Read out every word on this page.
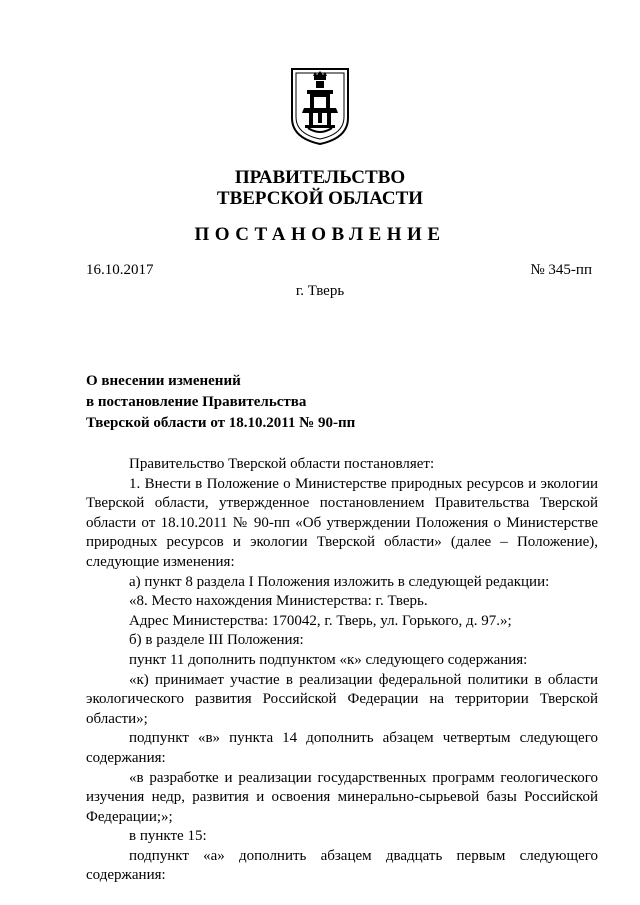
ПРАВИТЕЛЬСТВО
ТВЕРСКОЙ ОБЛАСТИ
ПОСТАНОВЛЕНИЕ
16.10.2017	№ 345-пп
г. Тверь
О внесении изменений
в постановление Правительства
Тверской области от 18.10.2011 № 90-пп

Правительство Тверской области постановляет:

1. Внести в Положение о Министерстве природных ресурсов и экологии Тверской области, утвержденное постановлением Правительства Тверской области от 18.10.2011 № 90-пп «Об утверждении Положения о Министерстве природных ресурсов и экологии Тверской области» (далее – Положение), следующие изменения:

а) пункт 8 раздела I Положения изложить в следующей редакции:

«8. Место нахождения Министерства: г. Тверь.

Адрес Министерства: 170042, г. Тверь, ул. Горького, д. 97.»;

б) в разделе III Положения:

пункт 11 дополнить подпунктом «к» следующего содержания:

«к) принимает участие в реализации федеральной политики в области экологического развития Российской Федерации на территории Тверской области»;

подпункт «в» пункта 14 дополнить абзацем четвертым следующего содержания:

«в разработке и реализации государственных программ геологического изучения недр, развития и освоения минерально-сырьевой базы Российской Федерации;»;

в пункте 15:

подпункт «а» дополнить абзацем двадцать первым следующего содержания:
